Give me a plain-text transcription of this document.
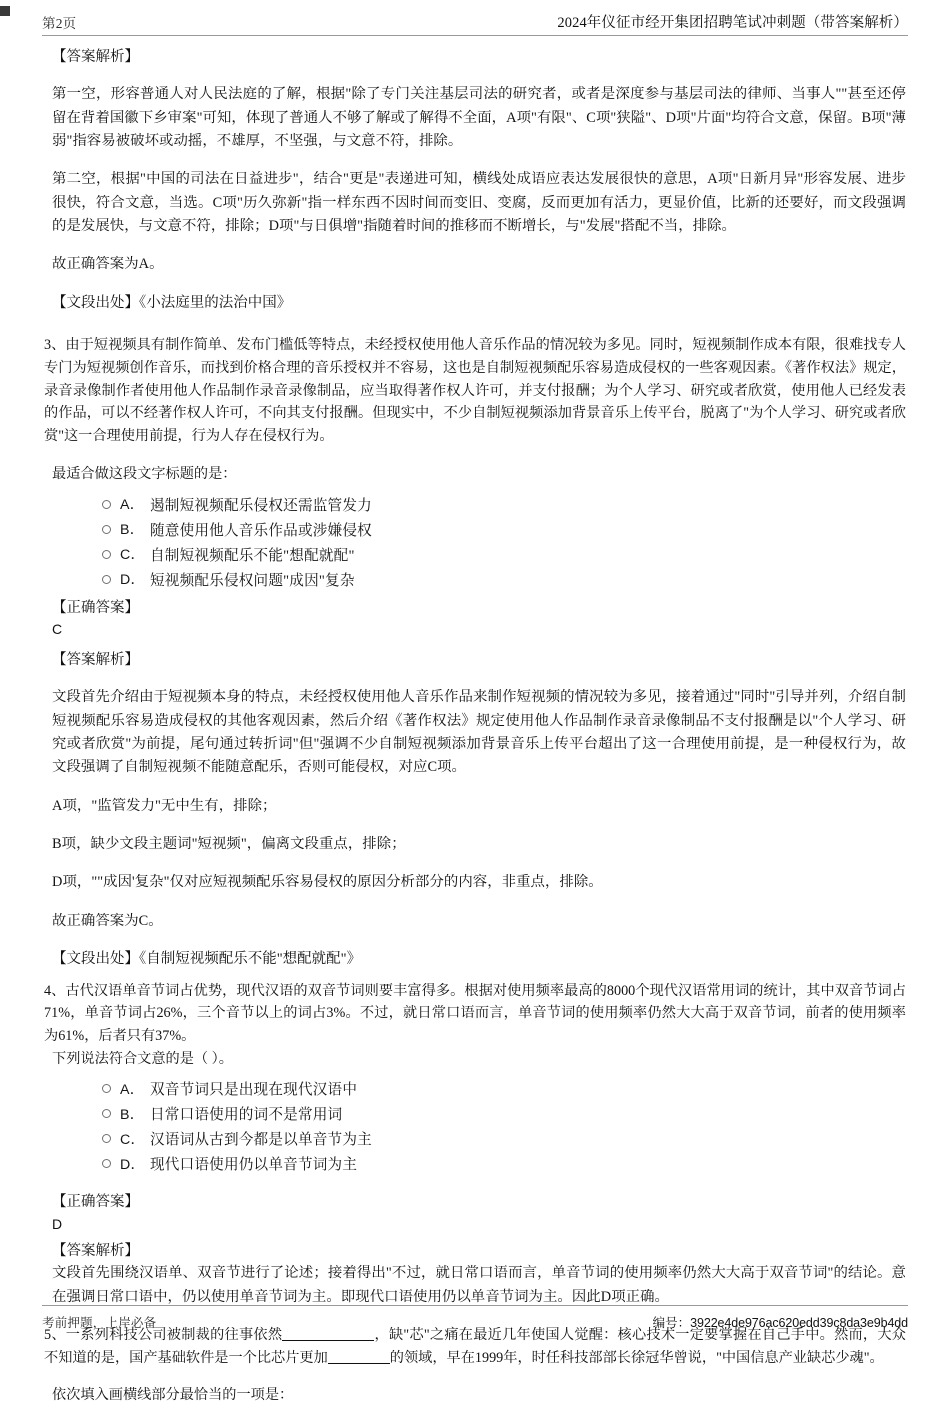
第2页	2024年仪征市经开集团招聘笔试冲刺题（带答案解析）
【答案解析】

第一空，形容普通人对人民法庭的了解，根据"除了专门关注基层司法的研究者，或者是深度参与基层司法的律师、当事人""甚至还停留在背着国徽下乡审案"可知，体现了普通人不够了解或了解得不全面，A项"有限"、C项"狭隘"、D项"片面"均符合文意，保留。B项"薄弱"指容易被破坏或动摇，不雄厚，不坚强，与文意不符，排除。

第二空，根据"中国的司法在日益进步"，结合"更是"表递进可知，横线处成语应表达发展很快的意思，A项"日新月异"形容发展、进步很快，符合文意，当选。C项"历久弥新"指一样东西不因时间而变旧、变腐，反而更加有活力，更显价值，比新的还要好，而文段强调的是发展快，与文意不符，排除；D项"与日俱增"指随着时间的推移而不断增长，与"发展"搭配不当，排除。

故正确答案为A。

【文段出处】《小法庭里的法治中国》

3、由于短视频具有制作简单、发布门槛低等特点，未经授权使用他人音乐作品的情况较为多见。同时，短视频制作成本有限，很难找专人专门为短视频创作音乐，而找到价格合理的音乐授权并不容易，这也是自制短视频配乐容易造成侵权的一些客观因素。《著作权法》规定，录音录像制作者使用他人作品制作录音录像制品，应当取得著作权人许可，并支付报酬；为个人学习、研究或者欣赏，使用他人已经发表的作品，可以不经著作权人许可，不向其支付报酬。但现实中，不少自制短视频添加背景音乐上传平台，脱离了"为个人学习、研究或者欣赏"这一合理使用前提，行为人存在侵权行为。

最适合做这段文字标题的是：

A． 遏制短视频配乐侵权还需监管发力
B． 随意使用他人音乐作品或涉嫌侵权
C． 自制短视频配乐不能"想配就配"
D． 短视频配乐侵权问题"成因"复杂
【正确答案】
C
【答案解析】

文段首先介绍由于短视频本身的特点，未经授权使用他人音乐作品来制作短视频的情况较为多见，接着通过"同时"引导并列，介绍自制短视频配乐容易造成侵权的其他客观因素，然后介绍《著作权法》规定使用他人作品制作录音录像制品不支付报酬是以"个人学习、研究或者欣赏"为前提，尾句通过转折词"但"强调不少自制短视频添加背景音乐上传平台超出了这一合理使用前提，是一种侵权行为，故文段强调了自制短视频不能随意配乐，否则可能侵权，对应C项。

A项，"监管发力"无中生有，排除；

B项，缺少文段主题词"短视频"，偏离文段重点，排除；

D项，""成因'复杂"仅对应短视频配乐容易侵权的原因分析部分的内容，非重点，排除。

故正确答案为C。

【文段出处】《自制短视频配乐不能"想配就配"》

4、古代汉语单音节词占优势，现代汉语的双音节词则要丰富得多。根据对使用频率最高的8000个现代汉语常用词的统计，其中双音节词占71%，单音节词占26%，三个音节以上的词占3%。不过，就日常口语而言，单音节词的使用频率仍然大大高于双音节词，前者的使用频率为61%，后者只有37%。

下列说法符合文意的是（ ）。

A． 双音节词只是出现在现代汉语中
B． 日常口语使用的词不是常用词
C． 汉语词从古到今都是以单音节为主
D． 现代口语使用仍以单音节词为主
【正确答案】
D
【答案解析】

文段首先围绕汉语单、双音节进行了论述；接着得出"不过，就日常口语而言，单音节词的使用频率仍然大大高于双音节词"的结论。意在强调日常口语中，仍以使用单音节词为主。即现代口语使用仍以单音节词为主。因此D项正确。

5、一系列科技公司被制裁的往事依然	，缺"芯"之痛在最近几年使国人觉醒：核心技术一定要掌握在自己手中。然而，大众不知道的是，国产基础软件是一个比芯片更加	的领域，早在1999年，时任科技部部长徐冠华曾说，"中国信息产业缺芯少魂"。

依次填入画横线部分最恰当的一项是：

考前押题，上岸必备	编号：3922e4de976ac620edd39c8da3e9b4dd
